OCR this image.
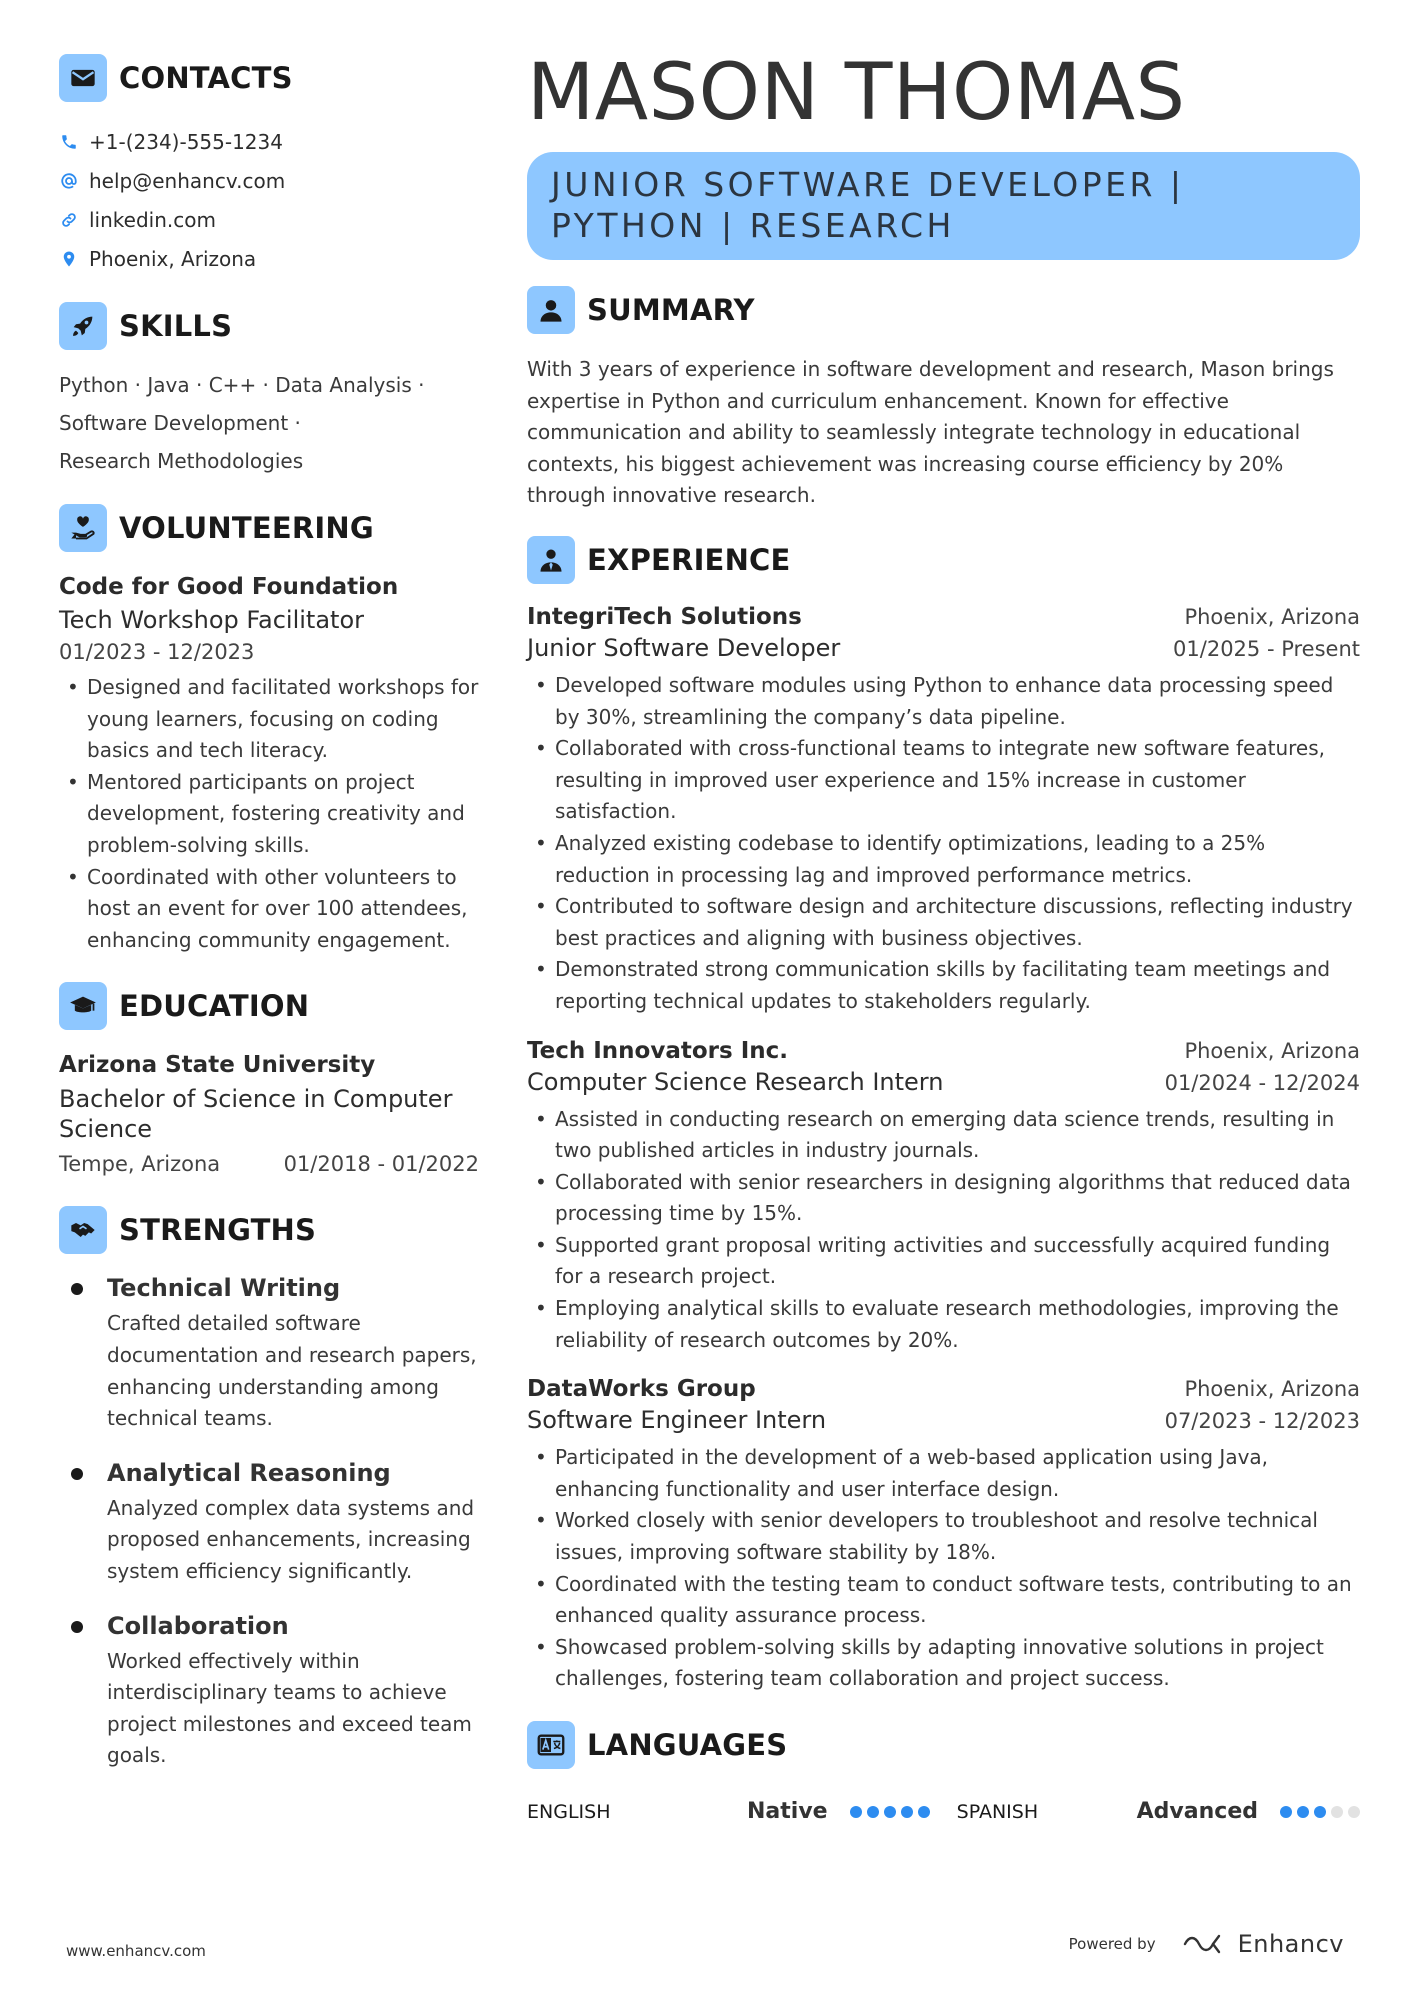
CONTACTS
+1-(234)-555-1234
help@enhancv.com
linkedin.com
Phoenix, Arizona
SKILLS
Python · Java · C++ · Data Analysis ·
Software Development ·
Research Methodologies
VOLUNTEERING
Code for Good Foundation
Tech Workshop Facilitator
01/2023 - 12/2023
• Designed and facilitated workshops for young learners, focusing on coding basics and tech literacy.
• Mentored participants on project development, fostering creativity and problem-solving skills.
• Coordinated with other volunteers to host an event for over 100 attendees, enhancing community engagement.
EDUCATION
Arizona State University
Bachelor of Science in Computer Science
Tempe, Arizona	01/2018 - 01/2022
STRENGTHS
Technical Writing
Crafted detailed software documentation and research papers, enhancing understanding among technical teams.
Analytical Reasoning
Analyzed complex data systems and proposed enhancements, increasing system efficiency significantly.
Collaboration
Worked effectively within interdisciplinary teams to achieve project milestones and exceed team goals.
MASON THOMAS
JUNIOR SOFTWARE DEVELOPER | PYTHON | RESEARCH
SUMMARY
With 3 years of experience in software development and research, Mason brings expertise in Python and curriculum enhancement. Known for effective communication and ability to seamlessly integrate technology in educational contexts, his biggest achievement was increasing course efficiency by 20% through innovative research.
EXPERIENCE
IntegriTech Solutions	Phoenix, Arizona
Junior Software Developer	01/2025 - Present
• Developed software modules using Python to enhance data processing speed by 30%, streamlining the company’s data pipeline.
• Collaborated with cross-functional teams to integrate new software features, resulting in improved user experience and 15% increase in customer satisfaction.
• Analyzed existing codebase to identify optimizations, leading to a 25% reduction in processing lag and improved performance metrics.
• Contributed to software design and architecture discussions, reflecting industry best practices and aligning with business objectives.
• Demonstrated strong communication skills by facilitating team meetings and reporting technical updates to stakeholders regularly.
Tech Innovators Inc.	Phoenix, Arizona
Computer Science Research Intern	01/2024 - 12/2024
• Assisted in conducting research on emerging data science trends, resulting in two published articles in industry journals.
• Collaborated with senior researchers in designing algorithms that reduced data processing time by 15%.
• Supported grant proposal writing activities and successfully acquired funding for a research project.
• Employing analytical skills to evaluate research methodologies, improving the reliability of research outcomes by 20%.
DataWorks Group	Phoenix, Arizona
Software Engineer Intern	07/2023 - 12/2023
• Participated in the development of a web-based application using Java, enhancing functionality and user interface design.
• Worked closely with senior developers to troubleshoot and resolve technical issues, improving software stability by 18%.
• Coordinated with the testing team to conduct software tests, contributing to an enhanced quality assurance process.
• Showcased problem-solving skills by adapting innovative solutions in project challenges, fostering team collaboration and project success.
LANGUAGES
ENGLISH	Native	SPANISH	Advanced
www.enhancv.com	Powered by	Enhancv
